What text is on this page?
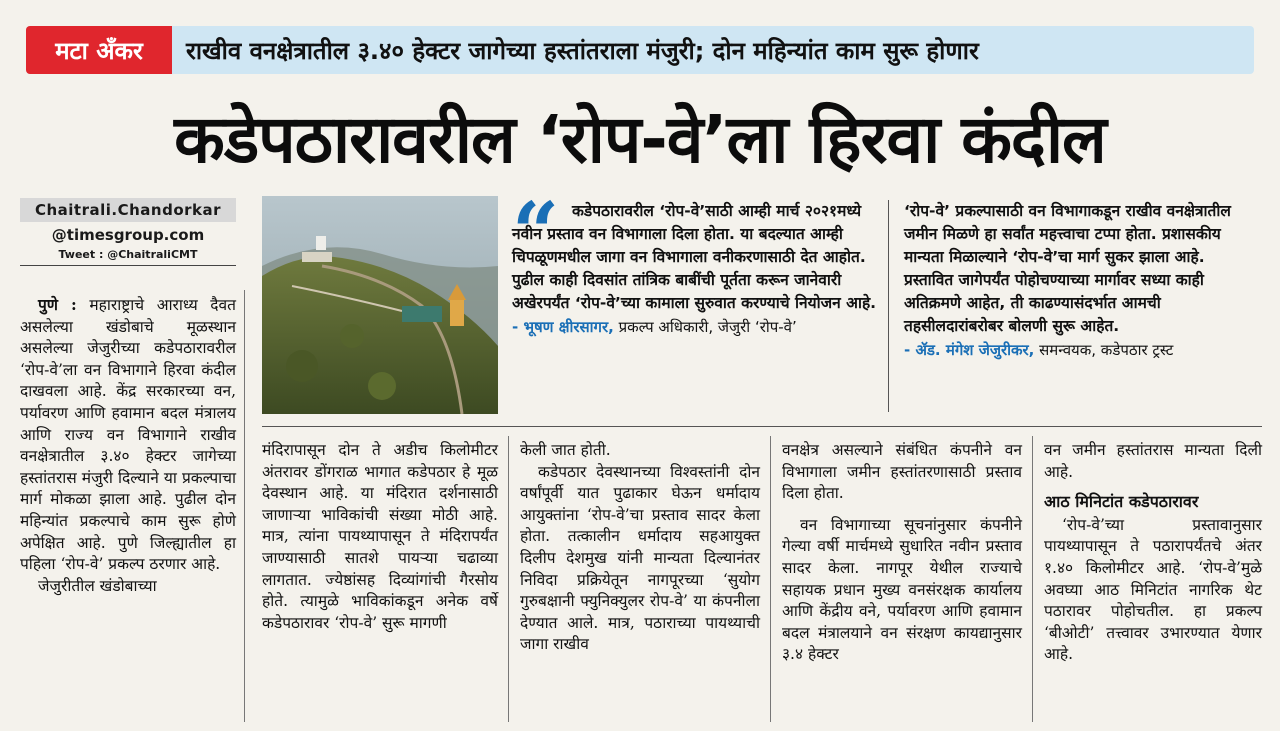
मटा अँकर	राखीव वनक्षेत्रातील ३.४० हेक्टर जागेच्या हस्तांतराला मंजुरी; दोन महिन्यांत काम सुरू होणार
कडेपठारावरील ‘रोप-वे’ला हिरवा कंदील
Chaitrali.Chandorkar
@timesgroup.com
Tweet : @ChaitraliCMT	“ कडेपठारावरील ‘रोप-वे’साठी आम्ही मार्च २०२१मध्ये नवीन प्रस्ताव वन विभागाला दिला होता. या बदल्यात आम्ही चिपळूणमधील जागा वन विभागाला वनीकरणासाठी देत आहोत. पुढील काही दिवसांत तांत्रिक बाबींची पूर्तता करून जानेवारी अखेरपर्यंत ‘रोप-वे’च्या कामाला सुरुवात करण्याचे नियोजन आहे.

- भूषण क्षीरसागर, प्रकल्प अधिकारी, जेजुरी ‘रोप-वे’

‘रोप-वे’ प्रकल्पासाठी वन विभागाकडून राखीव वनक्षेत्रातील जमीन मिळणे हा सर्वांत महत्त्वाचा टप्पा होता. प्रशासकीय मान्यता मिळाल्याने ‘रोप-वे’चा मार्ग सुकर झाला आहे. प्रस्तावित जागेपर्यंत पोहोचण्याच्या मार्गावर सध्या काही अतिक्रमणे आहेत, ती काढण्यासंदर्भात आमची तहसीलदारांबरोबर बोलणी सुरू आहेत.

- ॲड. मंगेश जेजुरीकर, समन्वयक, कडेपठार ट्रस्ट

पुणे : महाराष्ट्राचे आराध्य दैवत असलेल्या खंडोबाचे मूळस्थान असलेल्या जेजुरीच्या कडेपठारावरील ‘रोप-वे’ला वन विभागाने हिरवा कंदील दाखवला आहे. केंद्र सरकारच्या वन, पर्यावरण आणि हवामान बदल मंत्रालय आणि राज्य वन विभागाने राखीव वनक्षेत्रातील ३.४० हेक्टर जागेच्या हस्तांतरास मंजुरी दिल्याने या प्रकल्पाचा मार्ग मोकळा झाला आहे. पुढील दोन महिन्यांत प्रकल्पाचे काम सुरू होणे अपेक्षित आहे. पुणे जिल्ह्यातील हा पहिला ‘रोप-वे’ प्रकल्प ठरणार आहे.

जेजुरीतील खंडोबाच्या

मंदिरापासून दोन ते अडीच किलोमीटर अंतरावर डोंगराळ भागात कडेपठार हे मूळ देवस्थान आहे. या मंदिरात दर्शनासाठी जाणाऱ्या भाविकांची संख्या मोठी आहे. मात्र, त्यांना पायथ्यापासून ते मंदिरापर्यंत जाण्यासाठी सातशे पायऱ्या चढाव्या लागतात. ज्येष्ठांसह दिव्यांगांची गैरसोय होते. त्यामुळे भाविकांकडून अनेक वर्षे कडेपठारावर ‘रोप-वे’ सुरू मागणी

केली जात होती.

कडेपठार देवस्थानच्या विश्वस्तांनी दोन वर्षांपूर्वी यात पुढाकार घेऊन धर्मादाय आयुक्तांना ‘रोप-वे’चा प्रस्ताव सादर केला होता. तत्कालीन धर्मादाय सहआयुक्त दिलीप देशमुख यांनी मान्यता दिल्यानंतर निविदा प्रक्रियेतून नागपूरच्या ‘सुयोग गुरुबक्षानी फ्युनिक्युलर रोप-वे’ या कंपनीला देण्यात आले. मात्र, पठाराच्या पायथ्याची जागा राखीव

वनक्षेत्र असल्याने संबंधित कंपनीने वन विभागाला जमीन हस्तांतरणासाठी प्रस्ताव दिला होता.

वन विभागाच्या सूचनांनुसार कंपनीने गेल्या वर्षी मार्चमध्ये सुधारित नवीन प्रस्ताव सादर केला. नागपूर येथील राज्याचे सहायक प्रधान मुख्य वनसंरक्षक कार्यालय आणि केंद्रीय वने, पर्यावरण आणि हवामान बदल मंत्रालयाने वन संरक्षण कायद्यानुसार ३.४ हेक्टर

वन जमीन हस्तांतरास मान्यता दिली आहे.

आठ मिनिटांत कडेपठारावर

‘रोप-वे’च्या प्रस्तावानुसार पायथ्यापासून ते पठारापर्यंतचे अंतर १.४० किलोमीटर आहे. ‘रोप-वे’मुळे अवघ्या आठ मिनिटांत नागरिक थेट पठारावर पोहोचतील. हा प्रकल्प ‘बीओटी’ तत्त्वावर उभारण्यात येणार आहे.
